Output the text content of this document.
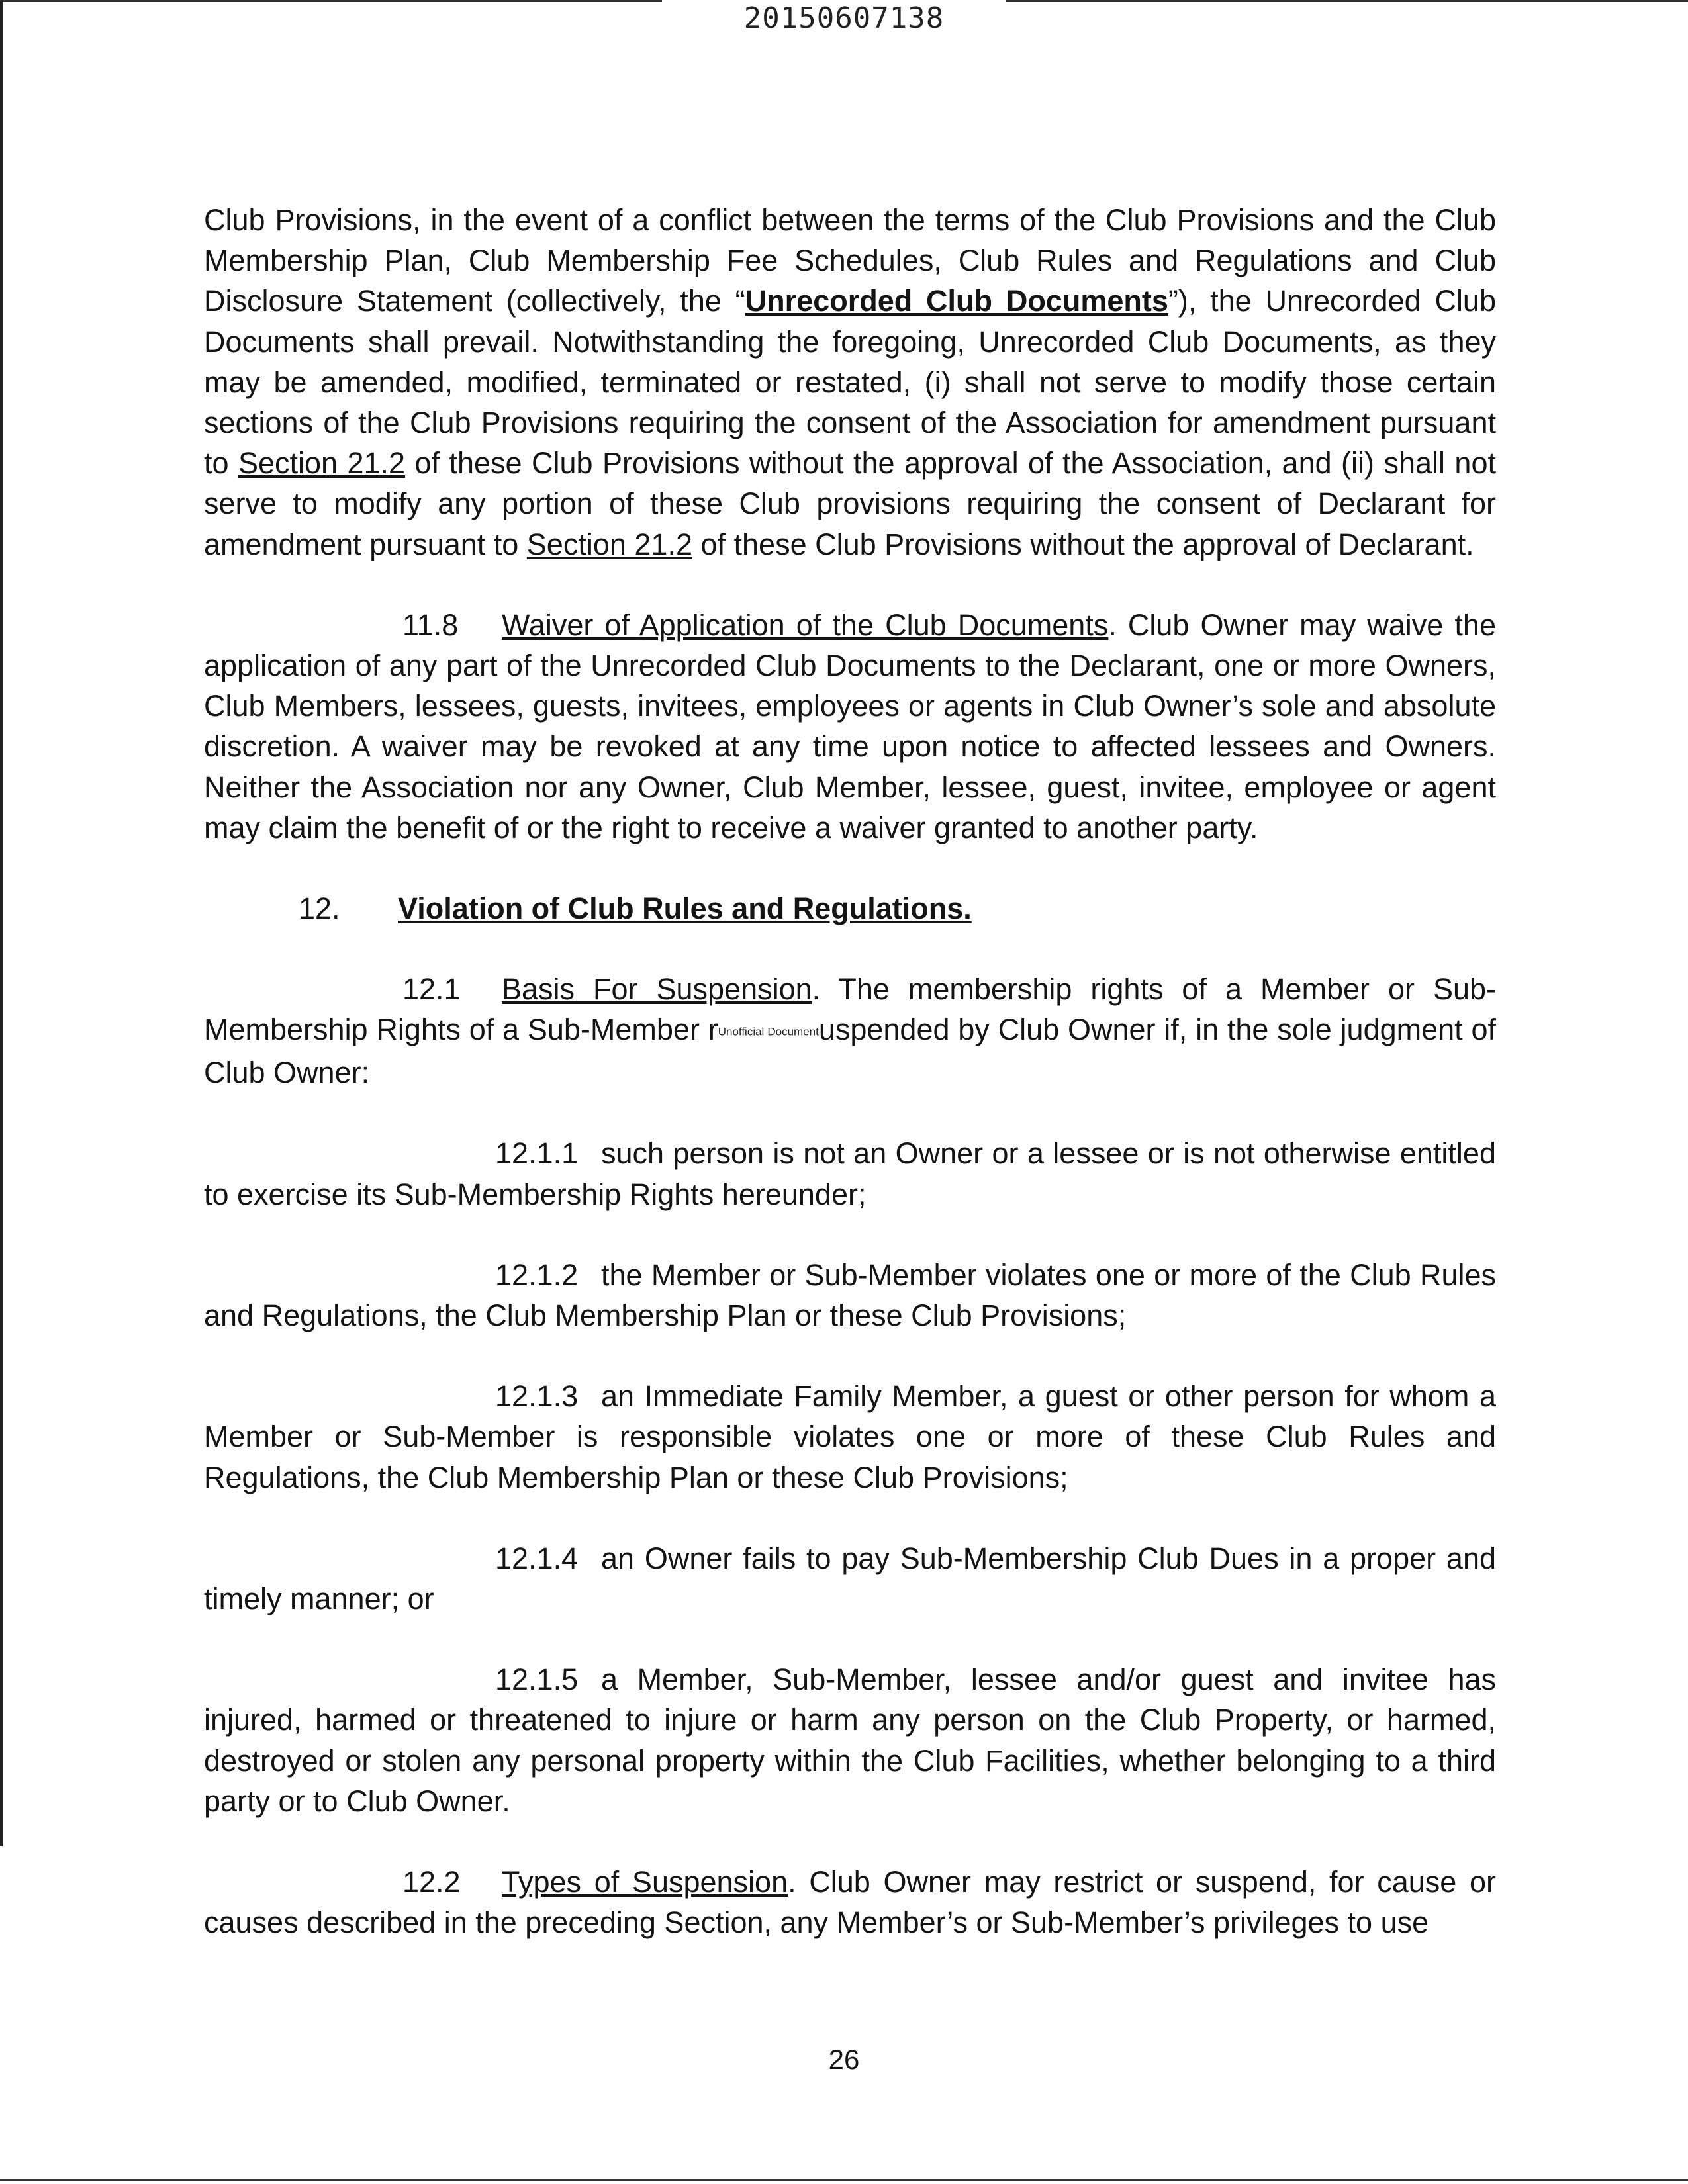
20150607138

Club Provisions, in the event of a conflict between the terms of the Club Provisions and the Club Membership Plan, Club Membership Fee Schedules, Club Rules and Regulations and Club Disclosure Statement (collectively, the “Unrecorded Club Documents”), the Unrecorded Club Documents shall prevail. Notwithstanding the foregoing, Unrecorded Club Documents, as they may be amended, modified, terminated or restated, (i) shall not serve to modify those certain sections of the Club Provisions requiring the consent of the Association for amendment pursuant to Section 21.2 of these Club Provisions without the approval of the Association, and (ii) shall not serve to modify any portion of these Club provisions requiring the consent of Declarant for amendment pursuant to Section 21.2 of these Club Provisions without the approval of Declarant.

11.8 Waiver of Application of the Club Documents. Club Owner may waive the application of any part of the Unrecorded Club Documents to the Declarant, one or more Owners, Club Members, lessees, guests, invitees, employees or agents in Club Owner’s sole and absolute discretion. A waiver may be revoked at any time upon notice to affected lessees and Owners. Neither the Association nor any Owner, Club Member, lessee, guest, invitee, employee or agent may claim the benefit of or the right to receive a waiver granted to another party.

12. Violation of Club Rules and Regulations.

12.1 Basis For Suspension. The membership rights of a Member or Sub-Membership Rights of a Sub-Member rUnofficial Documentuspended by Club Owner if, in the sole judgment of Club Owner:

12.1.1 such person is not an Owner or a lessee or is not otherwise entitled to exercise its Sub-Membership Rights hereunder;

12.1.2 the Member or Sub-Member violates one or more of the Club Rules and Regulations, the Club Membership Plan or these Club Provisions;

12.1.3 an Immediate Family Member, a guest or other person for whom a Member or Sub-Member is responsible violates one or more of these Club Rules and Regulations, the Club Membership Plan or these Club Provisions;

12.1.4 an Owner fails to pay Sub-Membership Club Dues in a proper and timely manner; or

12.1.5 a Member, Sub-Member, lessee and/or guest and invitee has injured, harmed or threatened to injure or harm any person on the Club Property, or harmed, destroyed or stolen any personal property within the Club Facilities, whether belonging to a third party or to Club Owner.

12.2 Types of Suspension. Club Owner may restrict or suspend, for cause or causes described in the preceding Section, any Member’s or Sub-Member’s privileges to use

26
